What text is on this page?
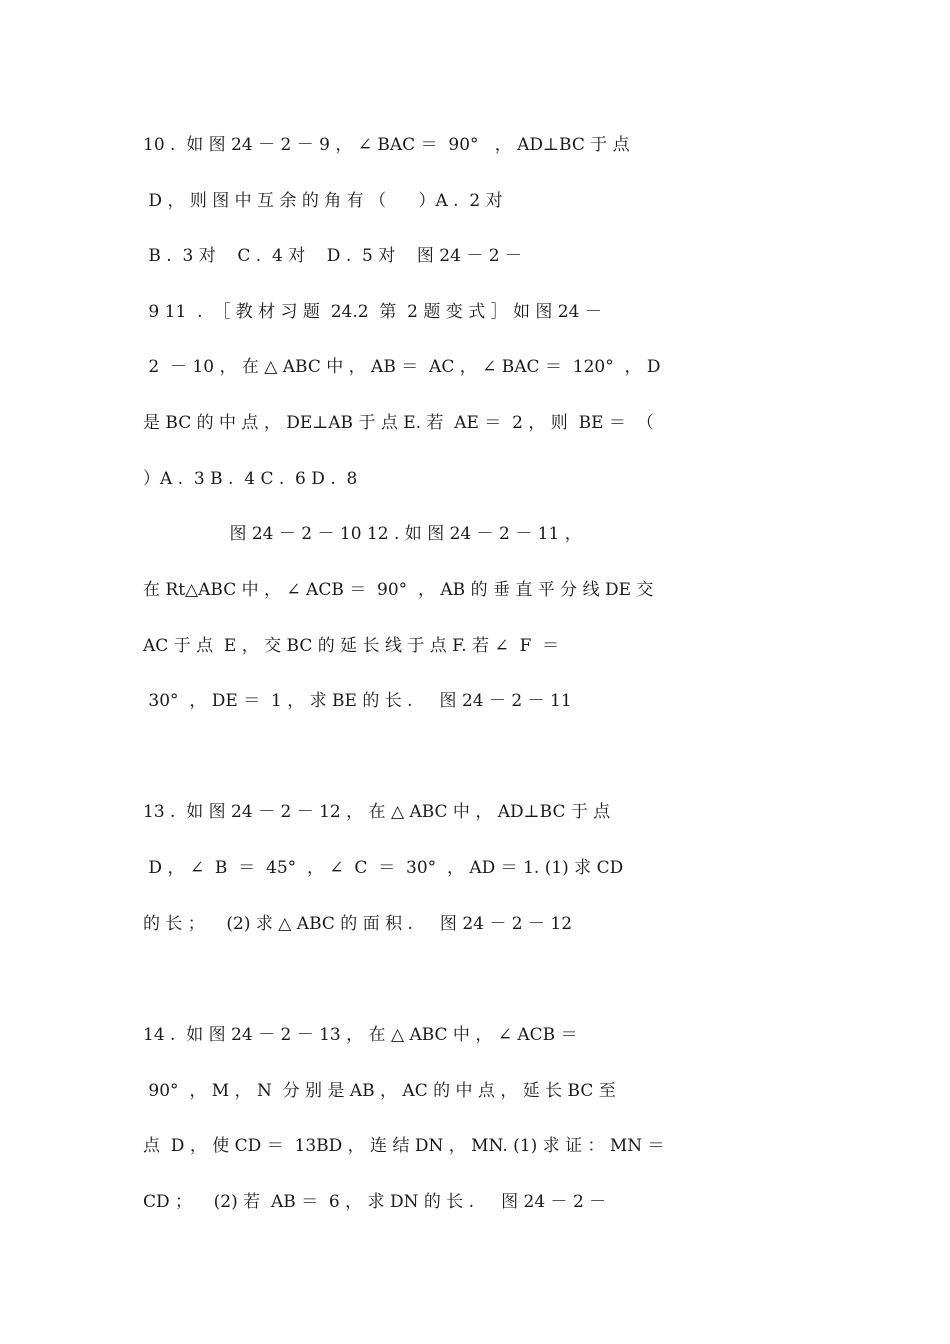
10 .  如 图 24 － 2 － 9 ， ∠ BAC ＝  90°   ， AD⊥BC 于 点
D ， 则 图 中 互 余 的 角 有 （      ）A .  2 对
B .  3 对    C .  4 对    D .  5 对    图 24 － 2 －
9 11  .  ［ 教 材 习 题  24.2  第  2 题 变 式 ］ 如 图 24 －
2  － 10 ， 在 △ ABC 中 ， AB ＝  AC ， ∠ BAC ＝  120°  ， D
是 BC 的 中 点 ， DE⊥AB 于 点 E. 若  AE ＝  2 ， 则  BE ＝  （
）A .  3 B .  4 C .  6 D .  8
图 24 － 2 － 10 12 . 如 图 24 － 2 － 11 ，
在 Rt△ABC 中 ， ∠ ACB ＝  90°  ， AB 的 垂 直 平 分 线 DE 交
AC 于 点  E ， 交 BC 的 延 长 线 于 点 F. 若 ∠  F  ＝
30°  ， DE ＝  1 ， 求 BE 的 长 .     图 24 － 2 － 11
13 .  如 图 24 － 2 － 12 ， 在 △ ABC 中 ， AD⊥BC 于 点
D ， ∠  B  ＝  45°  ， ∠  C  ＝  30°  ， AD ＝ 1. (1) 求 CD
的 长 ；    (2) 求 △ ABC 的 面 积 .     图 24 － 2 － 12
14 .  如 图 24 － 2 － 13 ， 在 △ ABC 中 ， ∠ ACB ＝
90°  ， M ， N  分 别 是 AB ， AC 的 中 点 ， 延 长 BC 至
点  D ， 使 CD ＝  13BD ， 连 结 DN ， MN. (1) 求 证 ： MN ＝
CD ；    (2) 若  AB ＝  6 ， 求 DN 的 长 .     图 24 － 2 －
